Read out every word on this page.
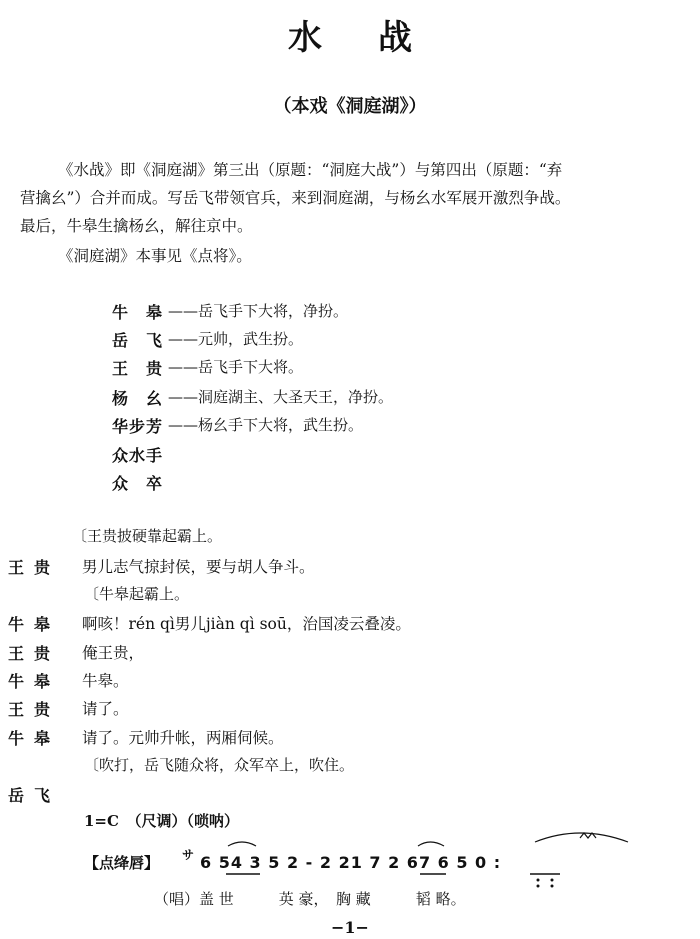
水战
（本戏《洞庭湖》）
《水战》即《洞庭湖》第三出（原题：“洞庭大战”）与第四出（原题：“弃
营擒幺”）合并而成。写岳飞带领官兵，来到洞庭湖，与杨幺水军展开激烈争战。
最后，牛皋生擒杨幺，解往京中。
《洞庭湖》本事见《点将》。
牛　皋 ——岳飞手下大将，净扮。
岳　飞 ——元帅，武生扮。
王　贵 ——岳飞手下大将。
杨　幺 ——洞庭湖主、大圣天王，净扮。
华步芳 ——杨幺手下大将，武生扮。
众水手
众　卒
〔王贵披硬靠起霸上。
王贵 男儿志气掠封侯，要与胡人争斗。
〔牛皋起霸上。
牛皋 啊咳！rén qì男儿jiàn qì soū，治国凌云叠凌。
王贵 俺王贵，
牛皋 牛皋。
王贵 请了。
牛皋 请了。元帅升帐，两厢伺候。
〔吹打，岳飞随众将，众军卒上，吹住。
岳飞
1=C　（尺调）（唢呐）
【点绛唇】 サ 6 54 3 5 2 - 2 21 7 2 67 6 5 0 :
（唱）盖 世　　　英 豪，　胸 藏　　　韬 略。
−1−
